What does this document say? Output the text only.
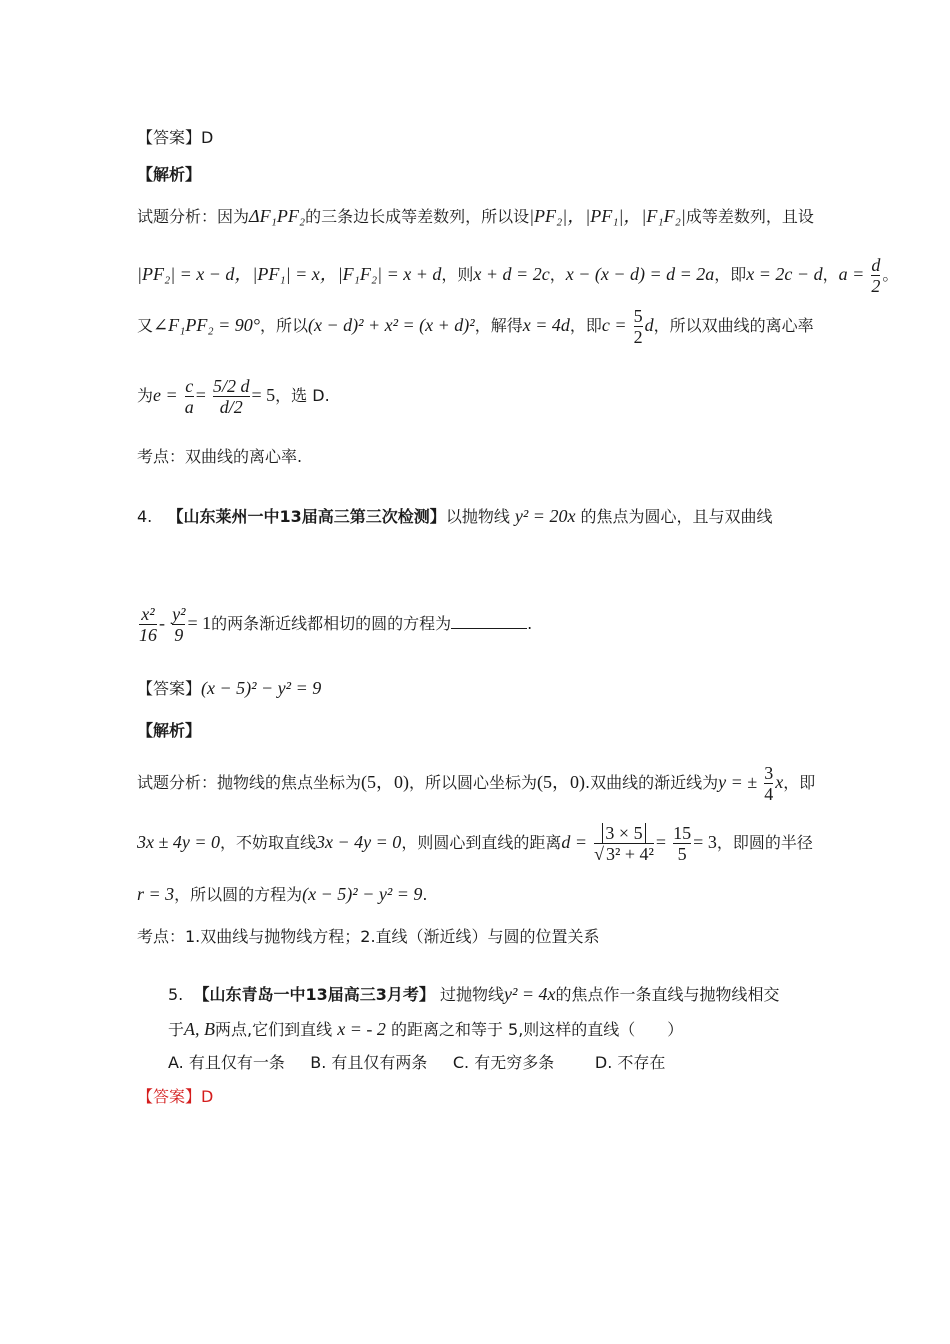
【答案】D
【解析】
试题分析：因为ΔF₁PF₂的三条边长成等差数列，所以设|PF₂|，|PF₁|，|F₁F₂|成等差数列，且设
|PF₂| = x − d，|PF₁| = x，|F₁F₂| = x + d，则x + d = 2c，x − (x − d) = d = 2a，即x = 2c − d，$a = \frac{d}{2}$ 。
又∠F₁PF₂ = 90°，所以(x − d)² + x² = (x + d)²，解得x = 4d，即$c = \frac{5}{2}$ d，所以双曲线的离心率
为$e = \frac{c}{a} = \frac{5/2 d}{d/2} = 5$，选 D.
考点：双曲线的离心率.
4. 【山东莱州一中13届高三第三次检测】以抛物线 y² = 20x 的焦点为圆心，且与双曲线
$\frac{\text{x²}}{16} - \frac{\text{y²}}{9} = 1$的两条渐近线都相切的圆的方程为	.
【答案】(x − 5)² − y² = 9
【解析】
试题分析：抛物线的焦点坐标为(5，0)，所以圆心坐标为(5，0).双曲线的渐近线为y = ± $\frac{3}{4}$ x，即
3x ± 4y = 0，不妨取直线3x − 4y = 0，则圆心到直线的距离$d = \frac{3 \times 5}{\text{√ 3² + 4²}} = \frac{15}{5} = 3$，即圆的半径
r = 3，所以圆的方程为(x − 5)² − y² = 9.
考点：1.双曲线与抛物线方程；2.直线（渐近线）与圆的位置关系
5. 【山东青岛一中13届高三3月考】 过抛物线y² = 4x的焦点作一条直线与抛物线相交
于A, B两点,它们到直线 x = - 2 的距离之和等于 5,则这样的直线（　　）
A. 有且仅有一条 B. 有且仅有两条 C. 有无穷多条	D. 不存在
【答案】D
